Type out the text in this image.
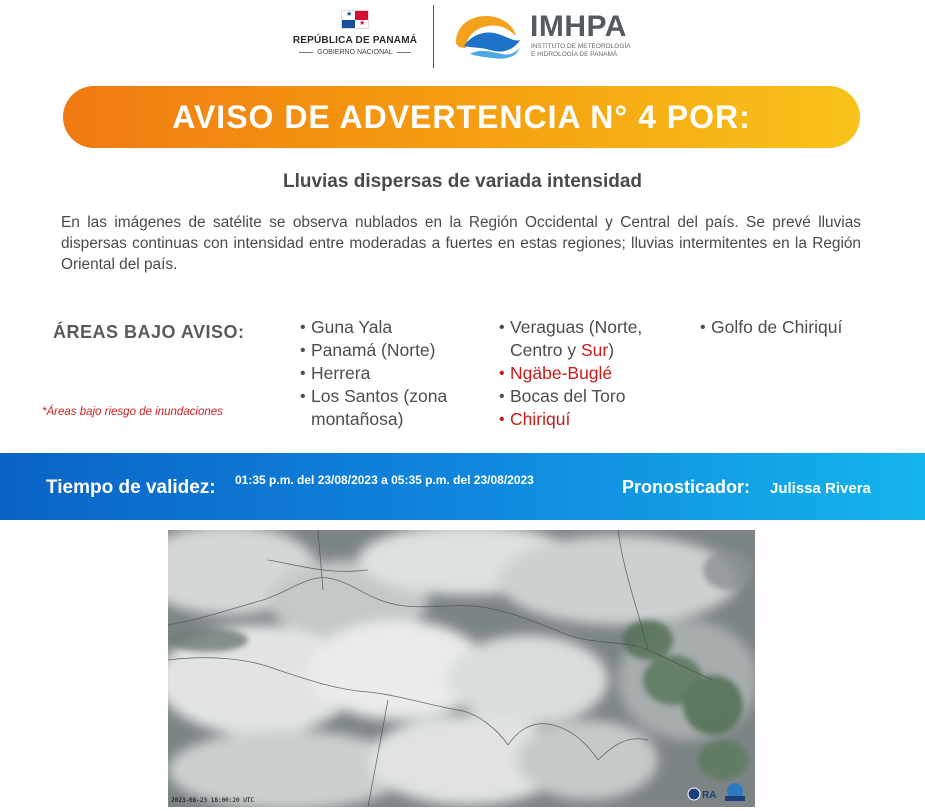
★
★
REPÚBLICA DE PANAMÁ
GOBIERNO NACIONAL
IMHPA
INSTITUTO DE METEOROLOGÍA
E HIDROLOGÍA DE PANAMÁ
AVISO DE ADVERTENCIA N° 4 POR:
Lluvias dispersas de variada intensidad
En las imágenes de satélite se observa nublados en la Región Occidental y Central del país. Se prevé lluvias dispersas continuas con intensidad entre moderadas a fuertes en estas regiones; lluvias intermitentes en la Región Oriental del país.
ÁREAS BAJO AVISO:
*Áreas bajo riesgo de inundaciones
• Guna Yala
• Panamá (Norte)
• Herrera
• Los Santos (zona montañosa)
• Veraguas (Norte, Centro y Sur)
• Ngäbe-Buglé
• Bocas del Toro
• Chiriquí
• Golfo de Chiriquí
Tiempo de validez: 01:35 p.m. del 23/08/2023 a 05:35 p.m. del 23/08/2023	Pronosticador: Julissa Rivera
2023-08-23 18:00:20 UTC	RA
